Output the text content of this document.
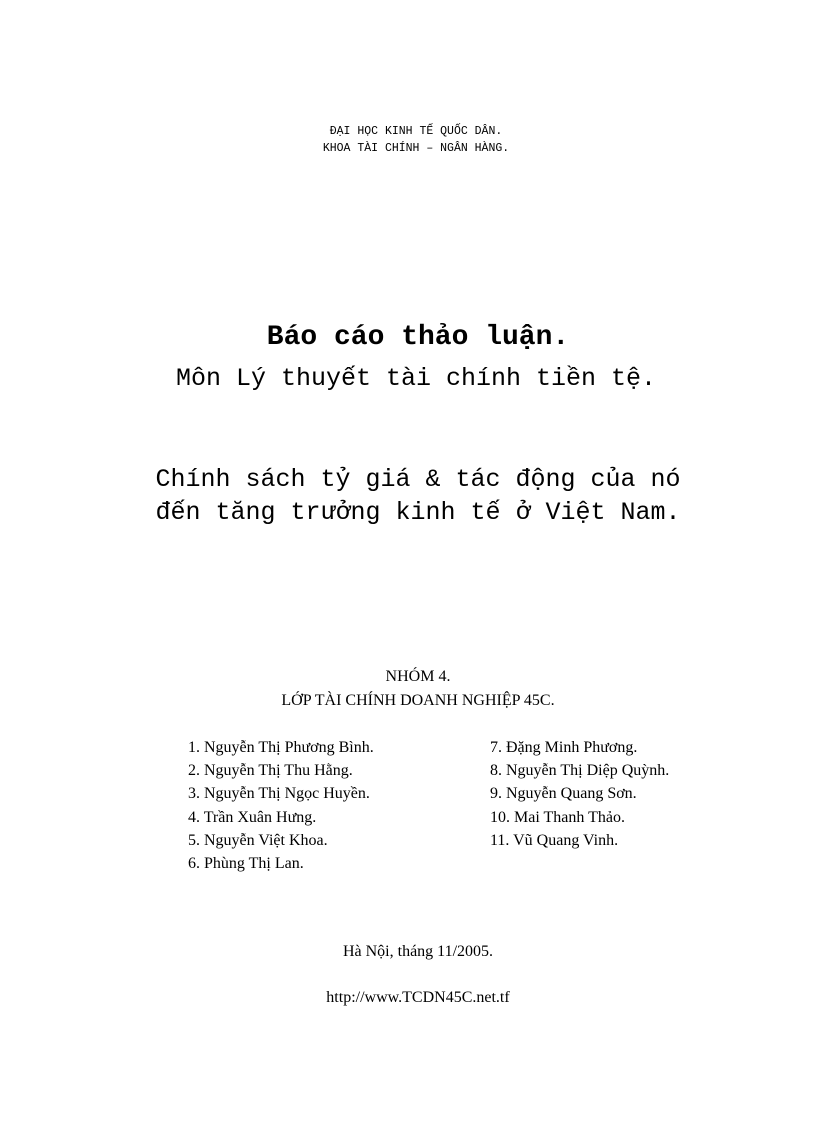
ĐẠI HỌC KINH TẾ QUỐC DÂN.
KHOA TÀI CHÍNH – NGÂN HÀNG.
Báo cáo thảo luận.
Môn Lý thuyết tài chính tiền tệ.
Chính sách tỷ giá & tác động của nó
đến tăng trưởng kinh tế ở Việt Nam.
NHÓM 4.
LỚP TÀI CHÍNH DOANH NGHIỆP 45C.
1. Nguyễn Thị Phương Bình.
2. Nguyễn Thị Thu Hằng.
3. Nguyễn Thị Ngọc Huyền.
4. Trần Xuân Hưng.
5. Nguyễn Việt Khoa.
6. Phùng Thị Lan.
7. Đặng Minh Phương.
8. Nguyễn Thị Diệp Quỳnh.
9. Nguyễn Quang Sơn.
10. Mai Thanh Thảo.
11. Vũ Quang Vinh.
Hà Nội, tháng 11/2005.
http://www.TCDN45C.net.tf
